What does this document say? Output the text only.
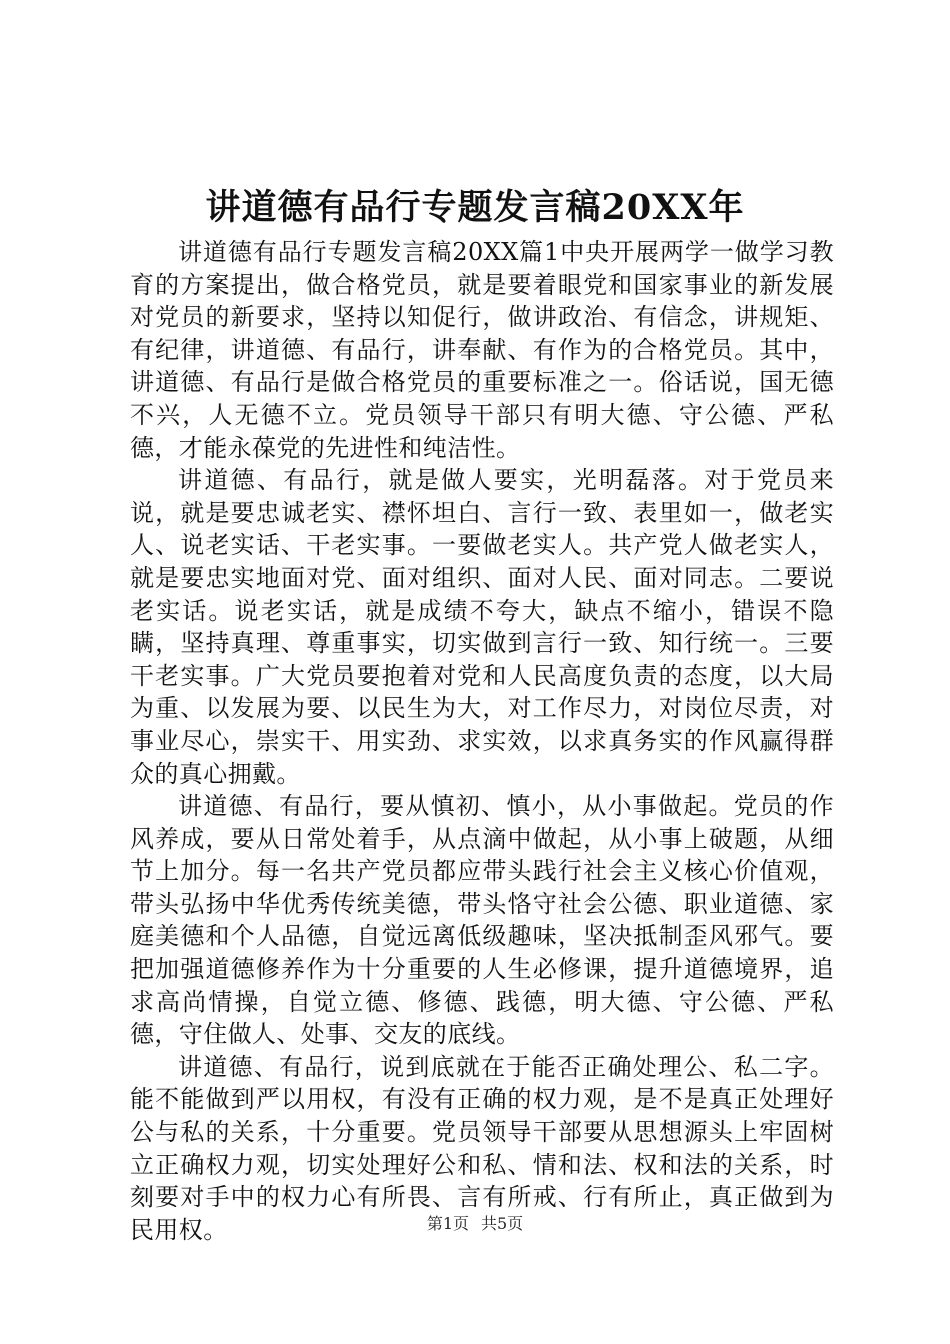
讲道德有品行专题发言稿20XX年

讲道德有品行专题发言稿20XX篇1中央开展两学一做学习教育的方案提出，做合格党员，就是要着眼党和国家事业的新发展对党员的新要求，坚持以知促行，做讲政治、有信念，讲规矩、有纪律，讲道德、有品行，讲奉献、有作为的合格党员。其中，讲道德、有品行是做合格党员的重要标准之一。俗话说，国无德不兴，人无德不立。党员领导干部只有明大德、守公德、严私德，才能永葆党的先进性和纯洁性。

讲道德、有品行，就是做人要实，光明磊落。对于党员来说，就是要忠诚老实、襟怀坦白、言行一致、表里如一，做老实人、说老实话、干老实事。一要做老实人。共产党人做老实人，就是要忠实地面对党、面对组织、面对人民、面对同志。二要说老实话。说老实话，就是成绩不夸大，缺点不缩小，错误不隐瞒，坚持真理、尊重事实，切实做到言行一致、知行统一。三要干老实事。广大党员要抱着对党和人民高度负责的态度，以大局为重、以发展为要、以民生为大，对工作尽力，对岗位尽责，对事业尽心，崇实干、用实劲、求实效，以求真务实的作风赢得群众的真心拥戴。

讲道德、有品行，要从慎初、慎小，从小事做起。党员的作风养成，要从日常处着手，从点滴中做起，从小事上破题，从细节上加分。每一名共产党员都应带头践行社会主义核心价值观，带头弘扬中华优秀传统美德，带头恪守社会公德、职业道德、家庭美德和个人品德，自觉远离低级趣味，坚决抵制歪风邪气。要把加强道德修养作为十分重要的人生必修课，提升道德境界，追求高尚情操，自觉立德、修德、践德，明大德、守公德、严私德，守住做人、处事、交友的底线。

讲道德、有品行，说到底就在于能否正确处理公、私二字。能不能做到严以用权，有没有正确的权力观，是不是真正处理好公与私的关系，十分重要。党员领导干部要从思想源头上牢固树立正确权力观，切实处理好公和私、情和法、权和法的关系，时刻要对手中的权力心有所畏、言有所戒、行有所止，真正做到为民用权。	第1页 共5页
